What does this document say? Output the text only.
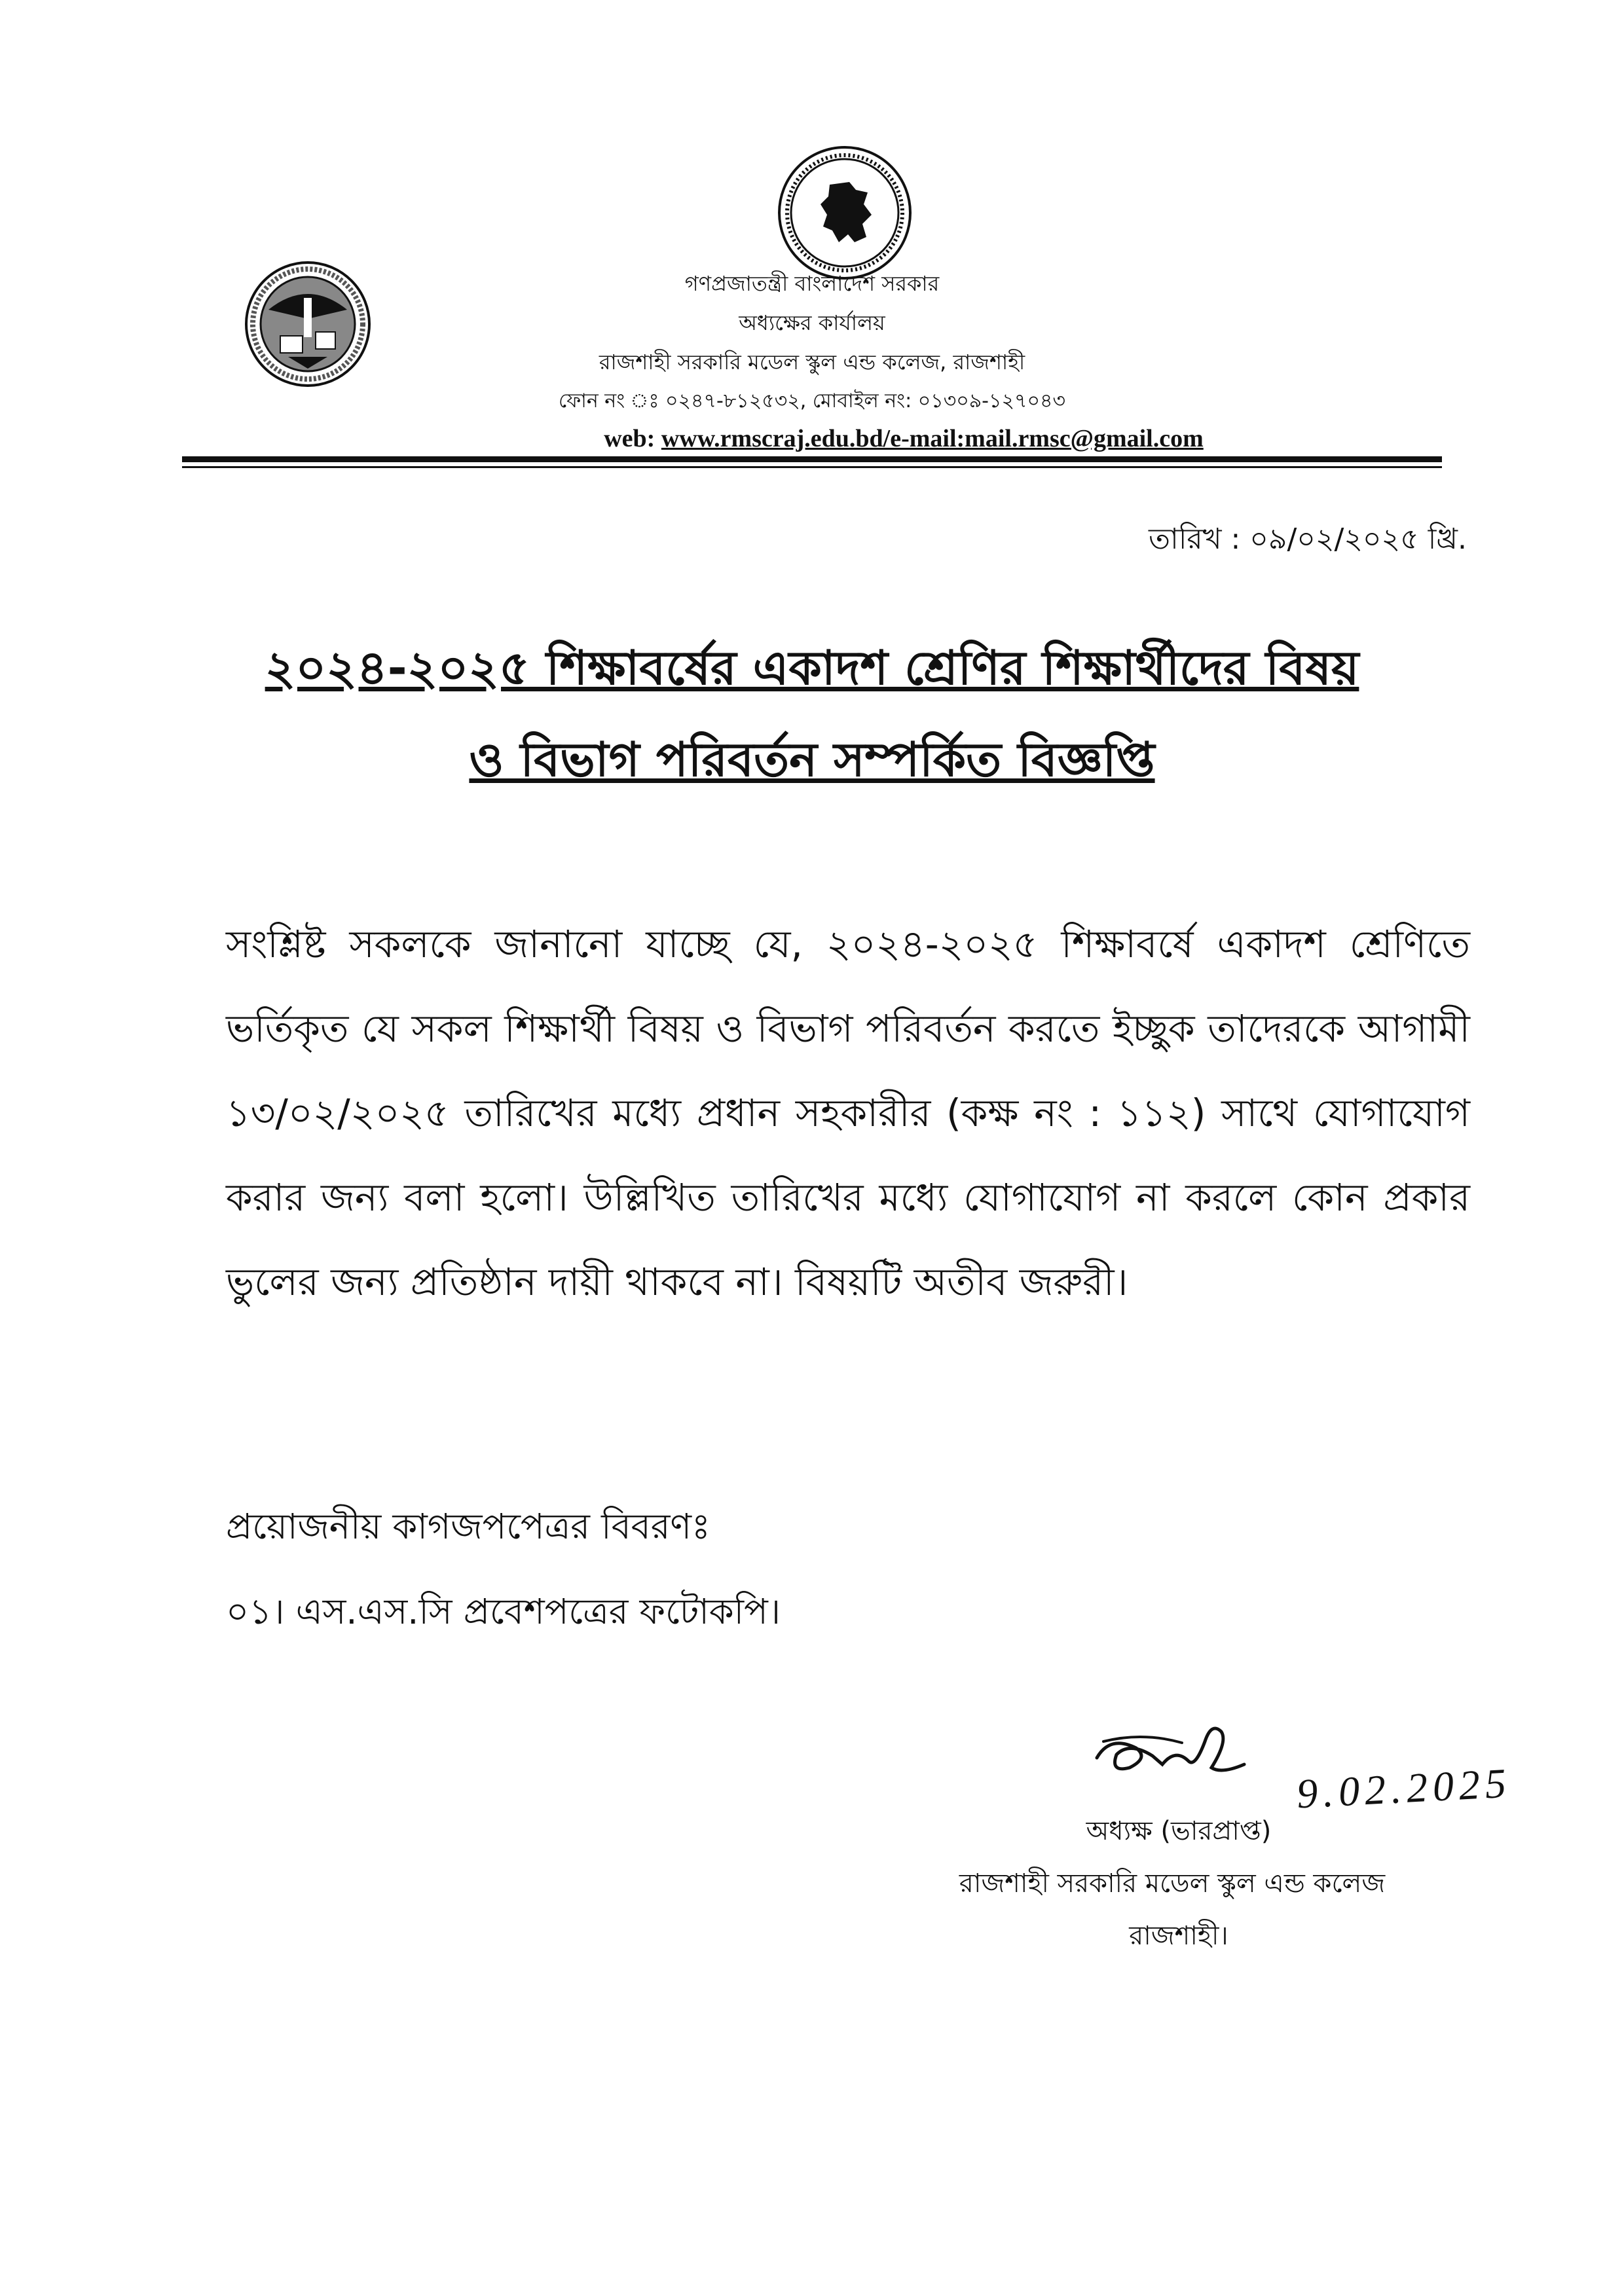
গণপ্রজাতন্ত্রী বাংলাদেশ সরকার
অধ্যক্ষের কার্যালয়
রাজশাহী সরকারি মডেল স্কুল এন্ড কলেজ, রাজশাহী
ফোন নং ঃ ০২৪৭-৮১২৫৩২, মোবাইল নং: ০১৩০৯-১২৭০৪৩
web: www.rmscraj.edu.bd/e-mail:mail.rmsc@gmail.com
তারিখ : ০৯/০২/২০২৫ খ্রি.
২০২৪-২০২৫ শিক্ষাবর্ষের একাদশ শ্রেণির শিক্ষার্থীদের বিষয়
ও বিভাগ পরিবর্তন সম্পর্কিত বিজ্ঞপ্তি
সংশ্লিষ্ট সকলকে জানানো যাচ্ছে যে, ২০২৪-২০২৫ শিক্ষাবর্ষে একাদশ শ্রেণিতে ভর্তিকৃত যে সকল শিক্ষার্থী বিষয় ও বিভাগ পরিবর্তন করতে ইচ্ছুক তাদেরকে আগামী ১৩/০২/২০২৫ তারিখের মধ্যে প্রধান সহকারীর (কক্ষ নং : ১১২) সাথে যোগাযোগ করার জন্য বলা হলো। উল্লিখিত তারিখের মধ্যে যোগাযোগ না করলে কোন প্রকার ভুলের জন্য প্রতিষ্ঠান দায়ী থাকবে না। বিষয়টি অতীব জরুরী।
প্রয়োজনীয় কাগজপপেত্রর বিবরণঃ
০১। এস.এস.সি প্রবেশপত্রের ফটোকপি।
9.02.2025
অধ্যক্ষ (ভারপ্রাপ্ত)
রাজশাহী সরকারি মডেল স্কুল এন্ড কলেজ
রাজশাহী।
